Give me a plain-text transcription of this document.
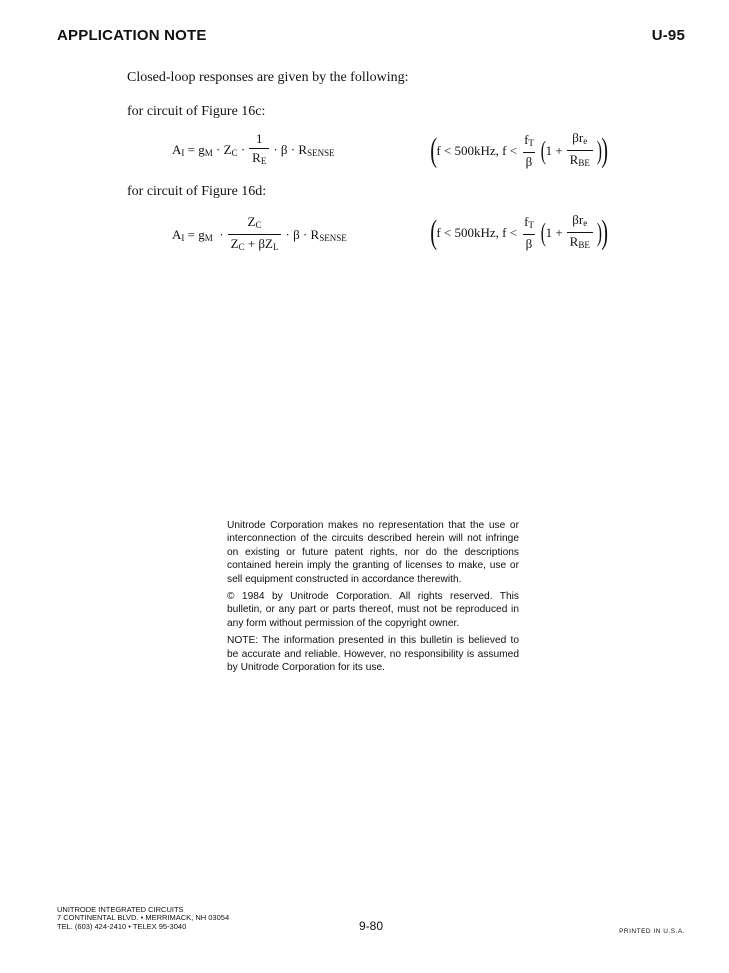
APPLICATION NOTE	U-95
Closed-loop responses are given by the following:
for circuit of Figure 16c:
$A_I = g_M \cdot Z_C \cdot \frac{1}{R_E} \cdot \beta \cdot R_{SENSE}$	( f < 500kHz, $f < \frac{f_T}{\beta}$ ( $1 + \frac{\beta r_e}{R_{BE}}$ ) )
for circuit of Figure 16d:
$A_I = g_M \cdot \frac{Z_C}{Z_C + \beta Z_L} \cdot \beta \cdot R_{SENSE}$ ( f < 500kHz, $f < \frac{f_T}{\beta}$ ( $1 + \frac{\beta r_e}{R_{BE}}$ ) )

Unitrode Corporation makes no representation that the use or interconnection of the circuits described herein will not infringe on existing or future patent rights, nor do the descriptions contained herein imply the granting of licenses to make, use or sell equipment constructed in accordance therewith.

© 1984 by Unitrode Corporation. All rights reserved. This bulletin, or any part or parts thereof, must not be reproduced in any form without permission of the copyright owner.

NOTE: The information presented in this bulletin is believed to be accurate and reliable. However, no responsibility is assumed by Unitrode Corporation for its use.

UNITRODE INTEGRATED CIRCUITS
7 CONTINENTAL BLVD. • MERRIMACK, NH 03054
TEL. (603) 424-2410 • TELEX 95-3040	9-80	PRINTED IN U.S.A.
